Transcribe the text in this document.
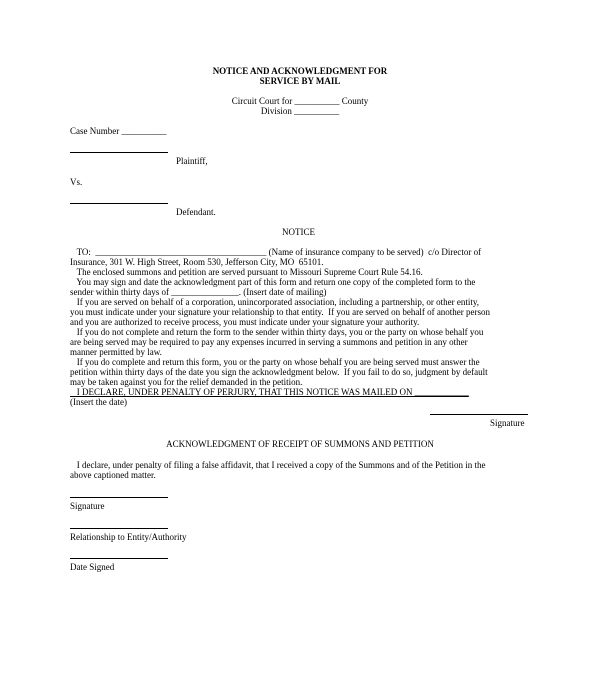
NOTICE AND ACKNOWLEDGMENT FOR
SERVICE BY MAIL
Circuit Court for __________ County
Division __________
Case Number __________
Plaintiff,
Vs.
Defendant.
NOTICE
TO:  ______________________________________ (Name of insurance company to be served)  c/o Director of
Insurance, 301 W. High Street, Room 530, Jefferson City, MO  65101.
The enclosed summons and petition are served pursuant to Missouri Supreme Court Rule 54.16.
You may sign and date the acknowledgment part of this form and return one copy of the completed form to the
sender within thirty days of _______________. (Insert date of mailing)
If you are served on behalf of a corporation, unincorporated association, including a partnership, or other entity,
you must indicate under your signature your relationship to that entity.  If you are served on behalf of another person
and you are authorized to receive process, you must indicate under your signature your authority.
If you do not complete and return the form to the sender within thirty days, you or the party on whose behalf you
are being served may be required to pay any expenses incurred in serving a summons and petition in any other
manner permitted by law.
If you do complete and return this form, you or the party on whose behalf you are being served must answer the
petition within thirty days of the date you sign the acknowledgment below.  If you fail to do so, judgment by default
may be taken against you for the relief demanded in the petition.
I DECLARE, UNDER PENALTY OF PERJURY, THAT THIS NOTICE WAS MAILED ON ____________
(Insert the date)
Signature
ACKNOWLEDGMENT OF RECEIPT OF SUMMONS AND PETITION
I declare, under penalty of filing a false affidavit, that I received a copy of the Summons and of the Petition in the
above captioned matter.
Signature
Relationship to Entity/Authority
Date Signed
